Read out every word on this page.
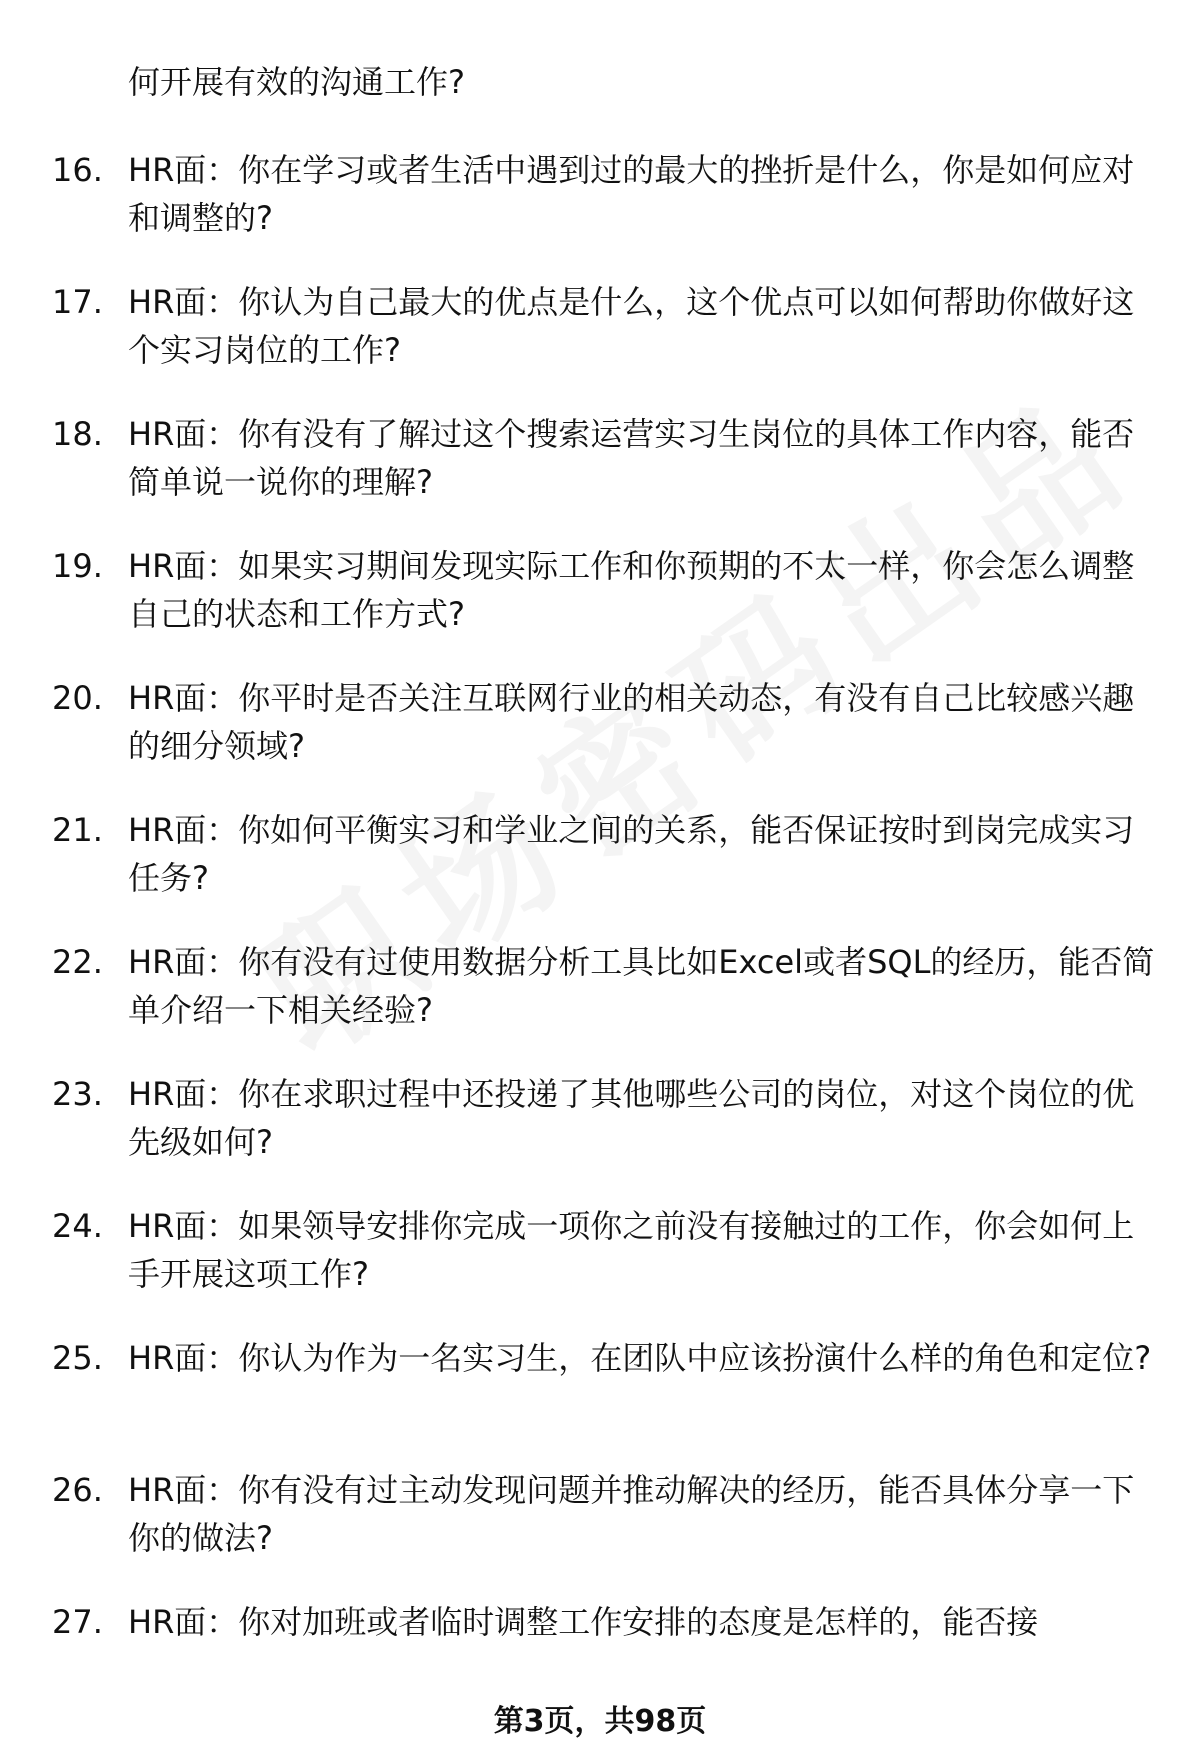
何开展有效的沟通工作?

16. HR面：你在学习或者生活中遇到过的最大的挫折是什么，你是如何应对和调整的?
17. HR面：你认为自己最大的优点是什么，这个优点可以如何帮助你做好这个实习岗位的工作?
18. HR面：你有没有了解过这个搜索运营实习生岗位的具体工作内容，能否简单说一说你的理解?
19. HR面：如果实习期间发现实际工作和你预期的不太一样，你会怎么调整自己的状态和工作方式?
20. HR面：你平时是否关注互联网行业的相关动态，有没有自己比较感兴趣的细分领域?
21. HR面：你如何平衡实习和学业之间的关系，能否保证按时到岗完成实习任务?
22. HR面：你有没有过使用数据分析工具比如Excel或者SQL的经历，能否简单介绍一下相关经验?
23. HR面：你在求职过程中还投递了其他哪些公司的岗位，对这个岗位的优先级如何?
24. HR面：如果领导安排你完成一项你之前没有接触过的工作，你会如何上手开展这项工作?
25. HR面：你认为作为一名实习生，在团队中应该扮演什么样的角色和定位?
26. HR面：你有没有过主动发现问题并推动解决的经历，能否具体分享一下你的做法?
27. HR面：你对加班或者临时调整工作安排的态度是怎样的，能否接
第3页，共98页
